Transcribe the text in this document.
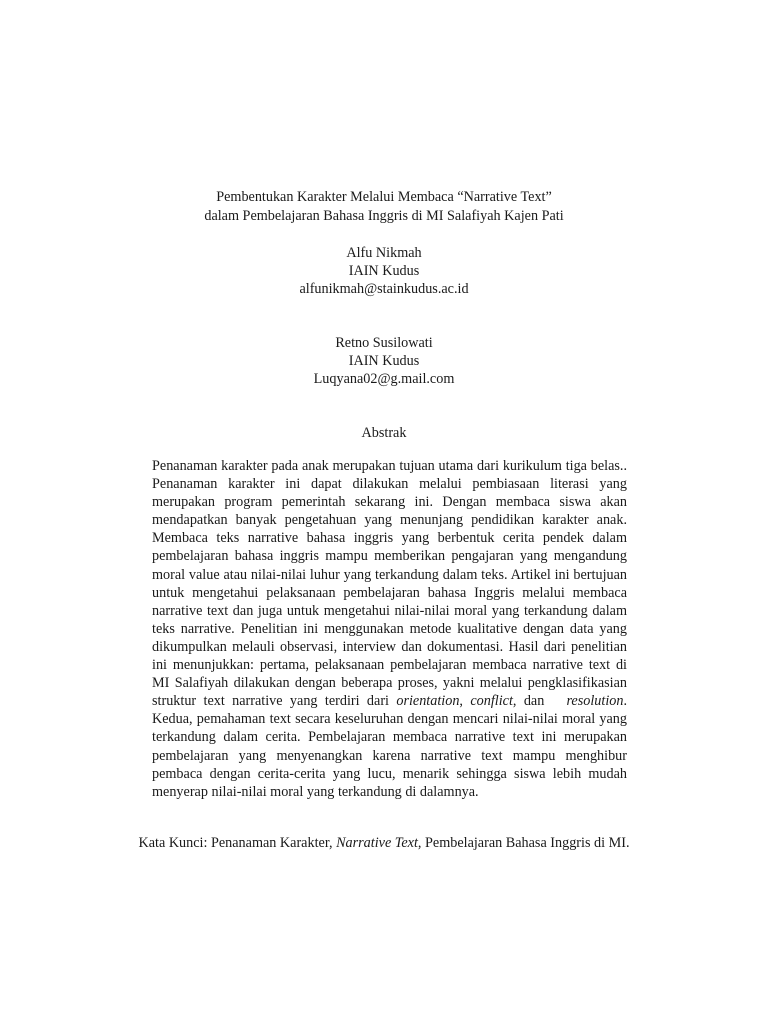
Pembentukan Karakter Melalui Membaca “Narrative Text”
dalam Pembelajaran Bahasa Inggris di MI Salafiyah Kajen Pati
Alfu Nikmah
IAIN Kudus
alfunikmah@stainkudus.ac.id
Retno Susilowati
IAIN Kudus
Luqyana02@g.mail.com
Abstrak

Penanaman karakter pada anak merupakan tujuan utama dari kurikulum tiga belas.. Penanaman karakter ini dapat dilakukan melalui pembiasaan literasi yang merupakan program pemerintah sekarang ini. Dengan membaca siswa akan mendapatkan banyak pengetahuan yang menunjang pendidikan karakter anak. Membaca teks narrative bahasa inggris yang berbentuk cerita pendek dalam pembelajaran bahasa inggris mampu memberikan pengajaran yang mengandung moral value atau nilai-nilai luhur yang terkandung dalam teks. Artikel ini bertujuan untuk mengetahui pelaksanaan pembelajaran bahasa Inggris melalui membaca narrative text dan juga untuk mengetahui nilai-nilai moral yang terkandung dalam teks narrative. Penelitian ini menggunakan metode kualitative dengan data yang dikumpulkan melauli observasi, interview dan dokumentasi. Hasil dari penelitian ini menunjukkan: pertama, pelaksanaan pembelajaran membaca narrative text di MI Salafiyah dilakukan dengan beberapa proses, yakni melalui pengklasifikasian struktur text narrative yang terdiri dari orientation, conflict, dan   resolution. Kedua, pemahaman text secara keseluruhan dengan mencari nilai-nilai moral yang terkandung dalam cerita. Pembelajaran membaca narrative text ini merupakan pembelajaran yang menyenangkan karena narrative text mampu menghibur pembaca dengan cerita-cerita yang lucu, menarik sehingga siswa lebih mudah menyerap nilai-nilai moral yang terkandung di dalamnya.

Kata Kunci: Penanaman Karakter, Narrative Text, Pembelajaran Bahasa Inggris di MI.
